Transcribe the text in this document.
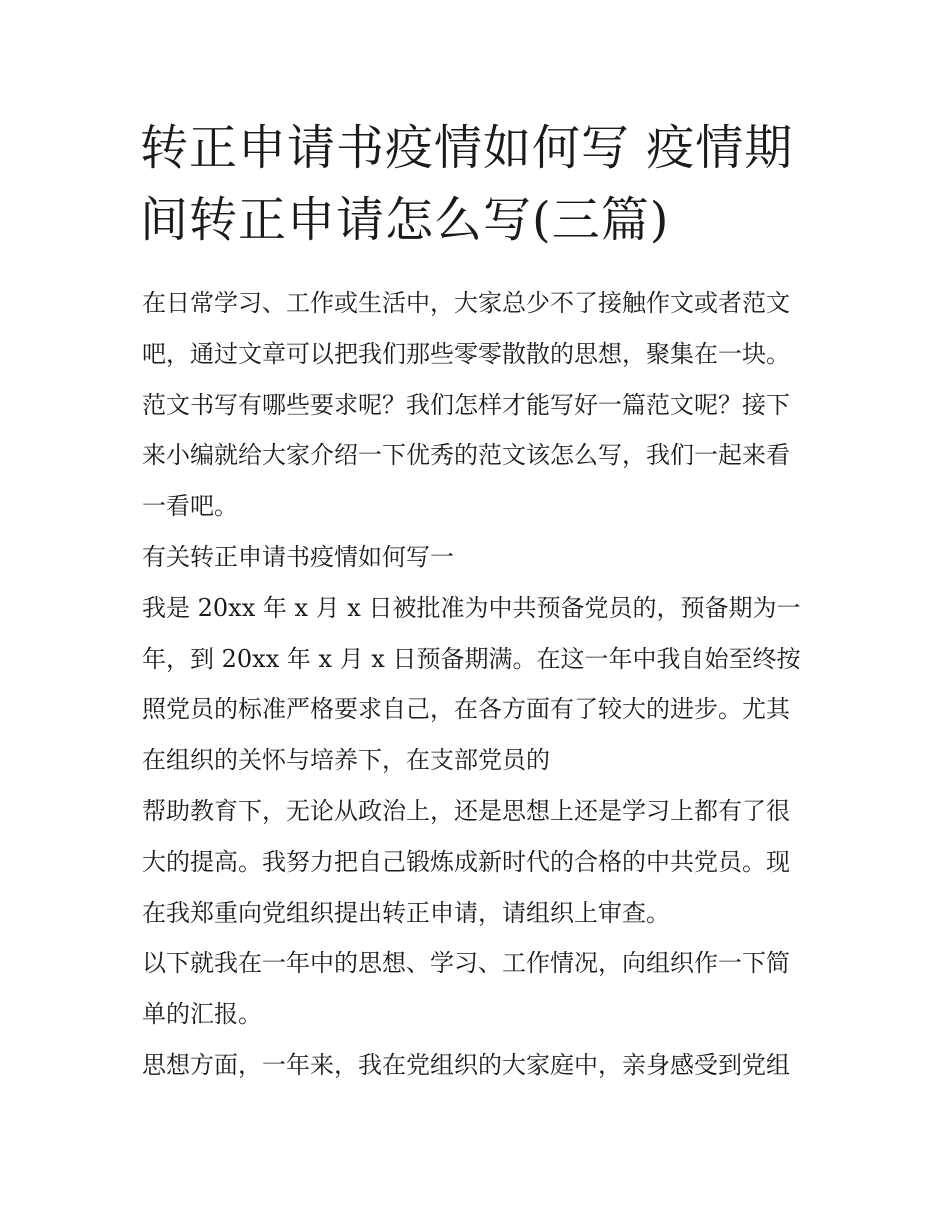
转正申请书疫情如何写 疫情期
间转正申请怎么写(三篇)
在日常学习、工作或生活中，大家总少不了接触作文或者范文
吧，通过文章可以把我们那些零零散散的思想，聚集在一块。
范文书写有哪些要求呢？我们怎样才能写好一篇范文呢？接下
来小编就给大家介绍一下优秀的范文该怎么写，我们一起来看
一看吧。
有关转正申请书疫情如何写一
我是 20xx 年 x 月 x 日被批准为中共预备党员的，预备期为一
年，到 20xx 年 x 月 x 日预备期满。在这一年中我自始至终按
照党员的标准严格要求自己，在各方面有了较大的进步。尤其
在组织的关怀与培养下，在支部党员的
帮助教育下，无论从政治上，还是思想上还是学习上都有了很
大的提高。我努力把自己锻炼成新时代的合格的中共党员。现
在我郑重向党组织提出转正申请，请组织上审查。
以下就我在一年中的思想、学习、工作情况，向组织作一下简
单的汇报。
思想方面，一年来，我在党组织的大家庭中，亲身感受到党组
